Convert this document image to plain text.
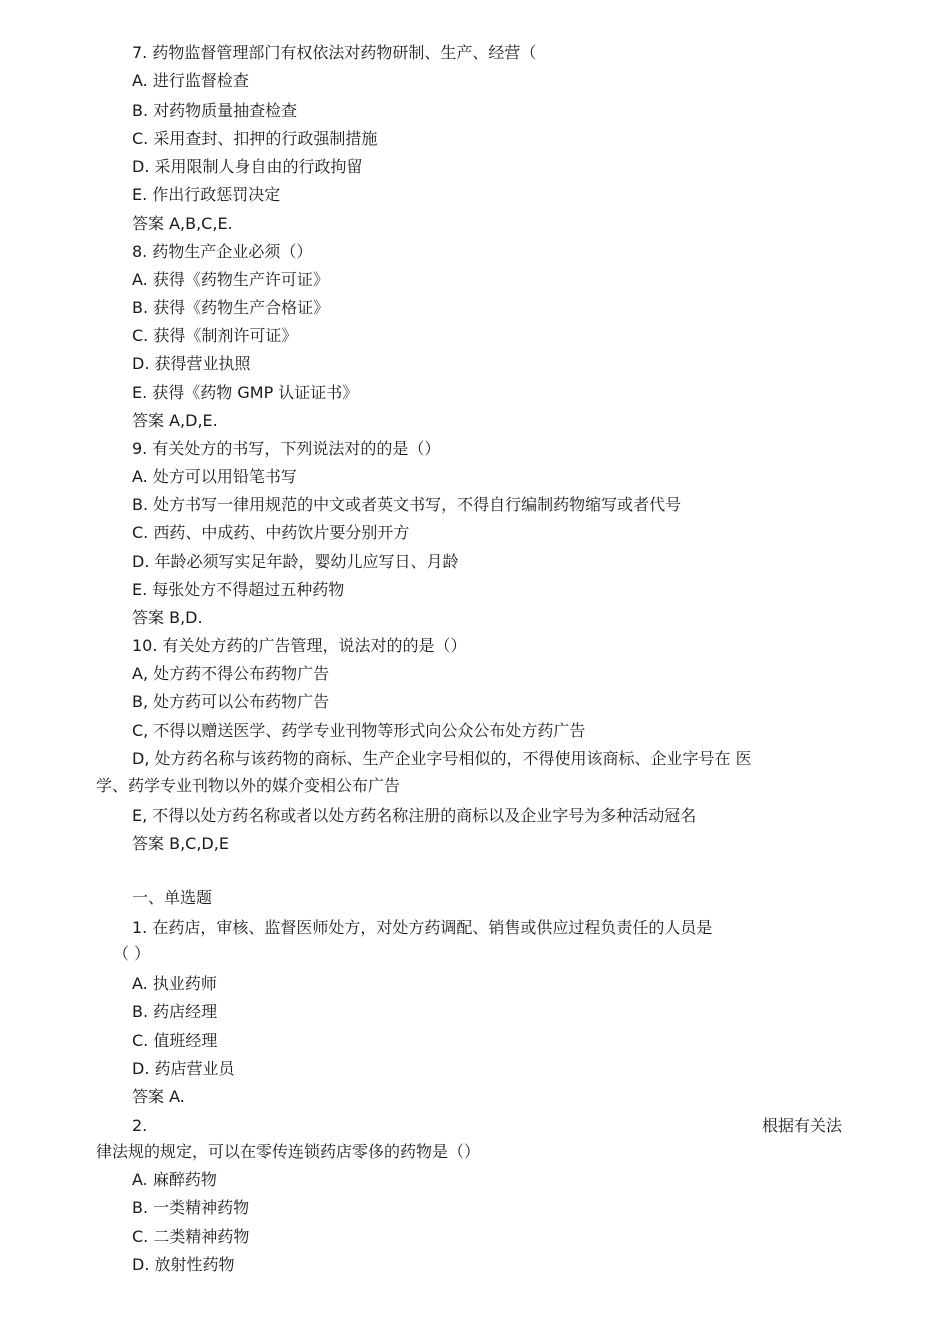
7. 药物监督管理部门有权依法对药物研制、生产、经营（
A. 进行监督检查
B. 对药物质量抽查检查
C. 采用查封、扣押的行政强制措施
D. 采用限制人身自由的行政拘留
E. 作出行政惩罚决定
答案 A,B,C,E.
8. 药物生产企业必须（）
A. 获得《药物生产许可证》
B. 获得《药物生产合格证》
C. 获得《制剂许可证》
D. 获得营业执照
E. 获得《药物 GMP 认证证书》
答案 A,D,E.
9. 有关处方的书写，下列说法对的的是（）
A. 处方可以用铅笔书写
B. 处方书写一律用规范的中文或者英文书写，不得自行编制药物缩写或者代号
C. 西药、中成药、中药饮片要分别开方
D. 年龄必须写实足年龄，婴幼儿应写日、月龄
E. 每张处方不得超过五种药物
答案 B,D.
10. 有关处方药的广告管理，说法对的的是（）
A, 处方药不得公布药物广告
B, 处方药可以公布药物广告
C, 不得以赠送医学、药学专业刊物等形式向公众公布处方药广告
D, 处方药名称与该药物的商标、生产企业字号相似的，不得使用该商标、企业字号在 医
学、药学专业刊物以外的媒介变相公布广告
E, 不得以处方药名称或者以处方药名称注册的商标以及企业字号为多种活动冠名
答案 B,C,D,E
一、单选题
1. 在药店，审核、监督医师处方，对处方药调配、销售或供应过程负责任的人员是
（ ）
A. 执业药师
B. 药店经理
C. 值班经理
D. 药店营业员
答案 A.
2.	根据有关法
律法规的规定，可以在零传连锁药店零侈的药物是（）
A. 麻醉药物
B. 一类精神药物
C. 二类精神药物
D. 放射性药物
